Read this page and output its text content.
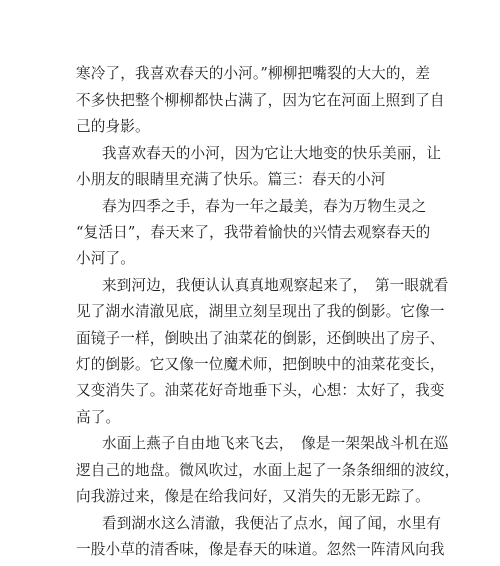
寒冷了，我喜欢春天的小河。”柳柳把嘴裂的大大的，差
不多快把整个柳柳都快占满了，因为它在河面上照到了自
己的身影。
我喜欢春天的小河，因为它让大地变的快乐美丽，让
小朋友的眼睛里充满了快乐。篇三：春天的小河
春为四季之手，春为一年之最美，春为万物生灵之
“复活日”，春天来了，我带着愉快的兴情去观察春天的
小河了。
来到河边，我便认认真真地观察起来了，　第一眼就看
见了湖水清澈见底，湖里立刻呈现出了我的倒影。它像一
面镜子一样，倒映出了油菜花的倒影，还倒映出了房子、
灯的倒影。它又像一位魔术师，把倒映中的油菜花变长，
又变消失了。油菜花好奇地垂下头，心想：太好了，我变
高了。
水面上燕子自由地飞来飞去，　像是一架架战斗机在巡
逻自己的地盘。微风吹过，水面上起了一条条细细的波纹，
向我游过来，像是在给我问好，又消失的无影无踪了。
看到湖水这么清澈，我便沾了点水，闻了闻，水里有
一股小草的清香味，像是春天的味道。忽然一阵清风向我
